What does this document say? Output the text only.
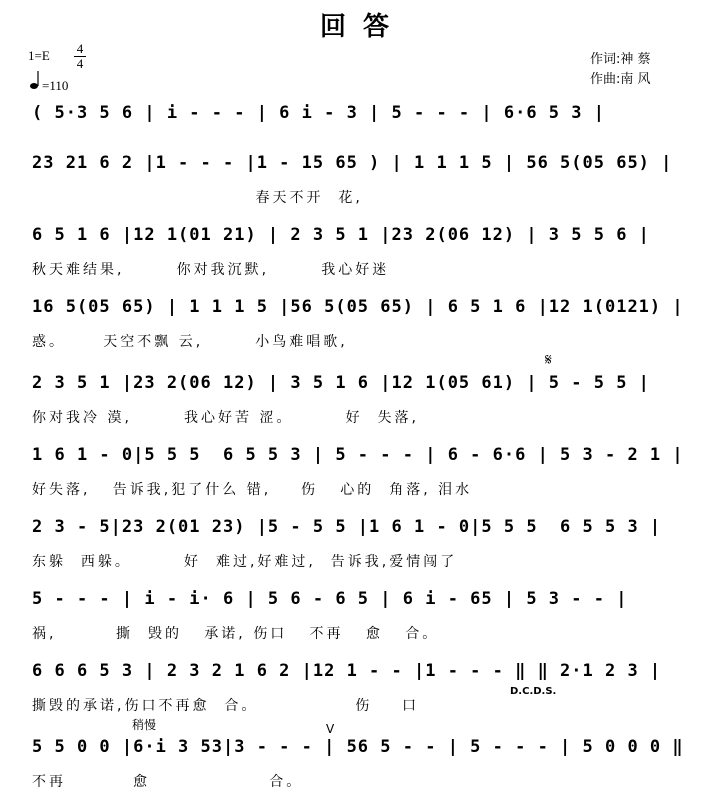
回 答
1=E 4
4
=110
作词:神 蔡
作曲:南 风
( 5·3 5 6 | i - - - | 6 i - 3 | 5 - - - | 6·6 5 3 |
23 21 6 2 |1 - - - |1 - 15 65 ) | 1 1 1 5 | 56 5(05 65) |
春天不开  花,
6 5 1 6 |12 1(01 21) | 2 3 5 1 |23 2(06 12) | 3 5 5 6 |
秋天难结果,       你对我沉默,       我心好迷
16 5(05 65) | 1 1 1 5 |56 5(05 65) | 6 5 1 6 |12 1(0121) |
惑。     天空不飘 云,       小鸟难唱歌,
2 3 5 1 |23 2(06 12) | 3 5 1 6 |12 1(05 61) | 5 - 5 5 |
你对我冷 漠,       我心好苦 涩。       好  失落,
𝄋
1 6 1 - 0|5 5 5  6 5 5 3 | 5 - - - | 6 - 6·6 | 5 3 - 2 1 |
好失落,   告诉我,犯了什么 错,    伤   心的  角落, 泪水
2 3 - 5|23 2(01 23) |5 - 5 5 |1 6 1 - 0|5 5 5  6 5 5 3 |
东躲  西躲。       好  难过,好难过,  告诉我,爱情闯了
5 - - - | i - i· 6 | 5 6 - 6 5 | 6 i - 65 | 5 3 - - |
祸,        撕  毁的   承诺, 伤口   不再   愈   合。
6 6 6 5 3 | 2 3 2 1 6 2 |12 1 - - |1 - - - ‖ ‖ 2·1 2 3 |
撕毁的承诺,伤口不再愈  合。             伤    口
D.C.D.S.
5 5 0 0 |6·i 3 53|3 - - - | 56 5 - - | 5 - - - | 5 0 0 0 ‖
不再         愈                合。
稍慢	V
